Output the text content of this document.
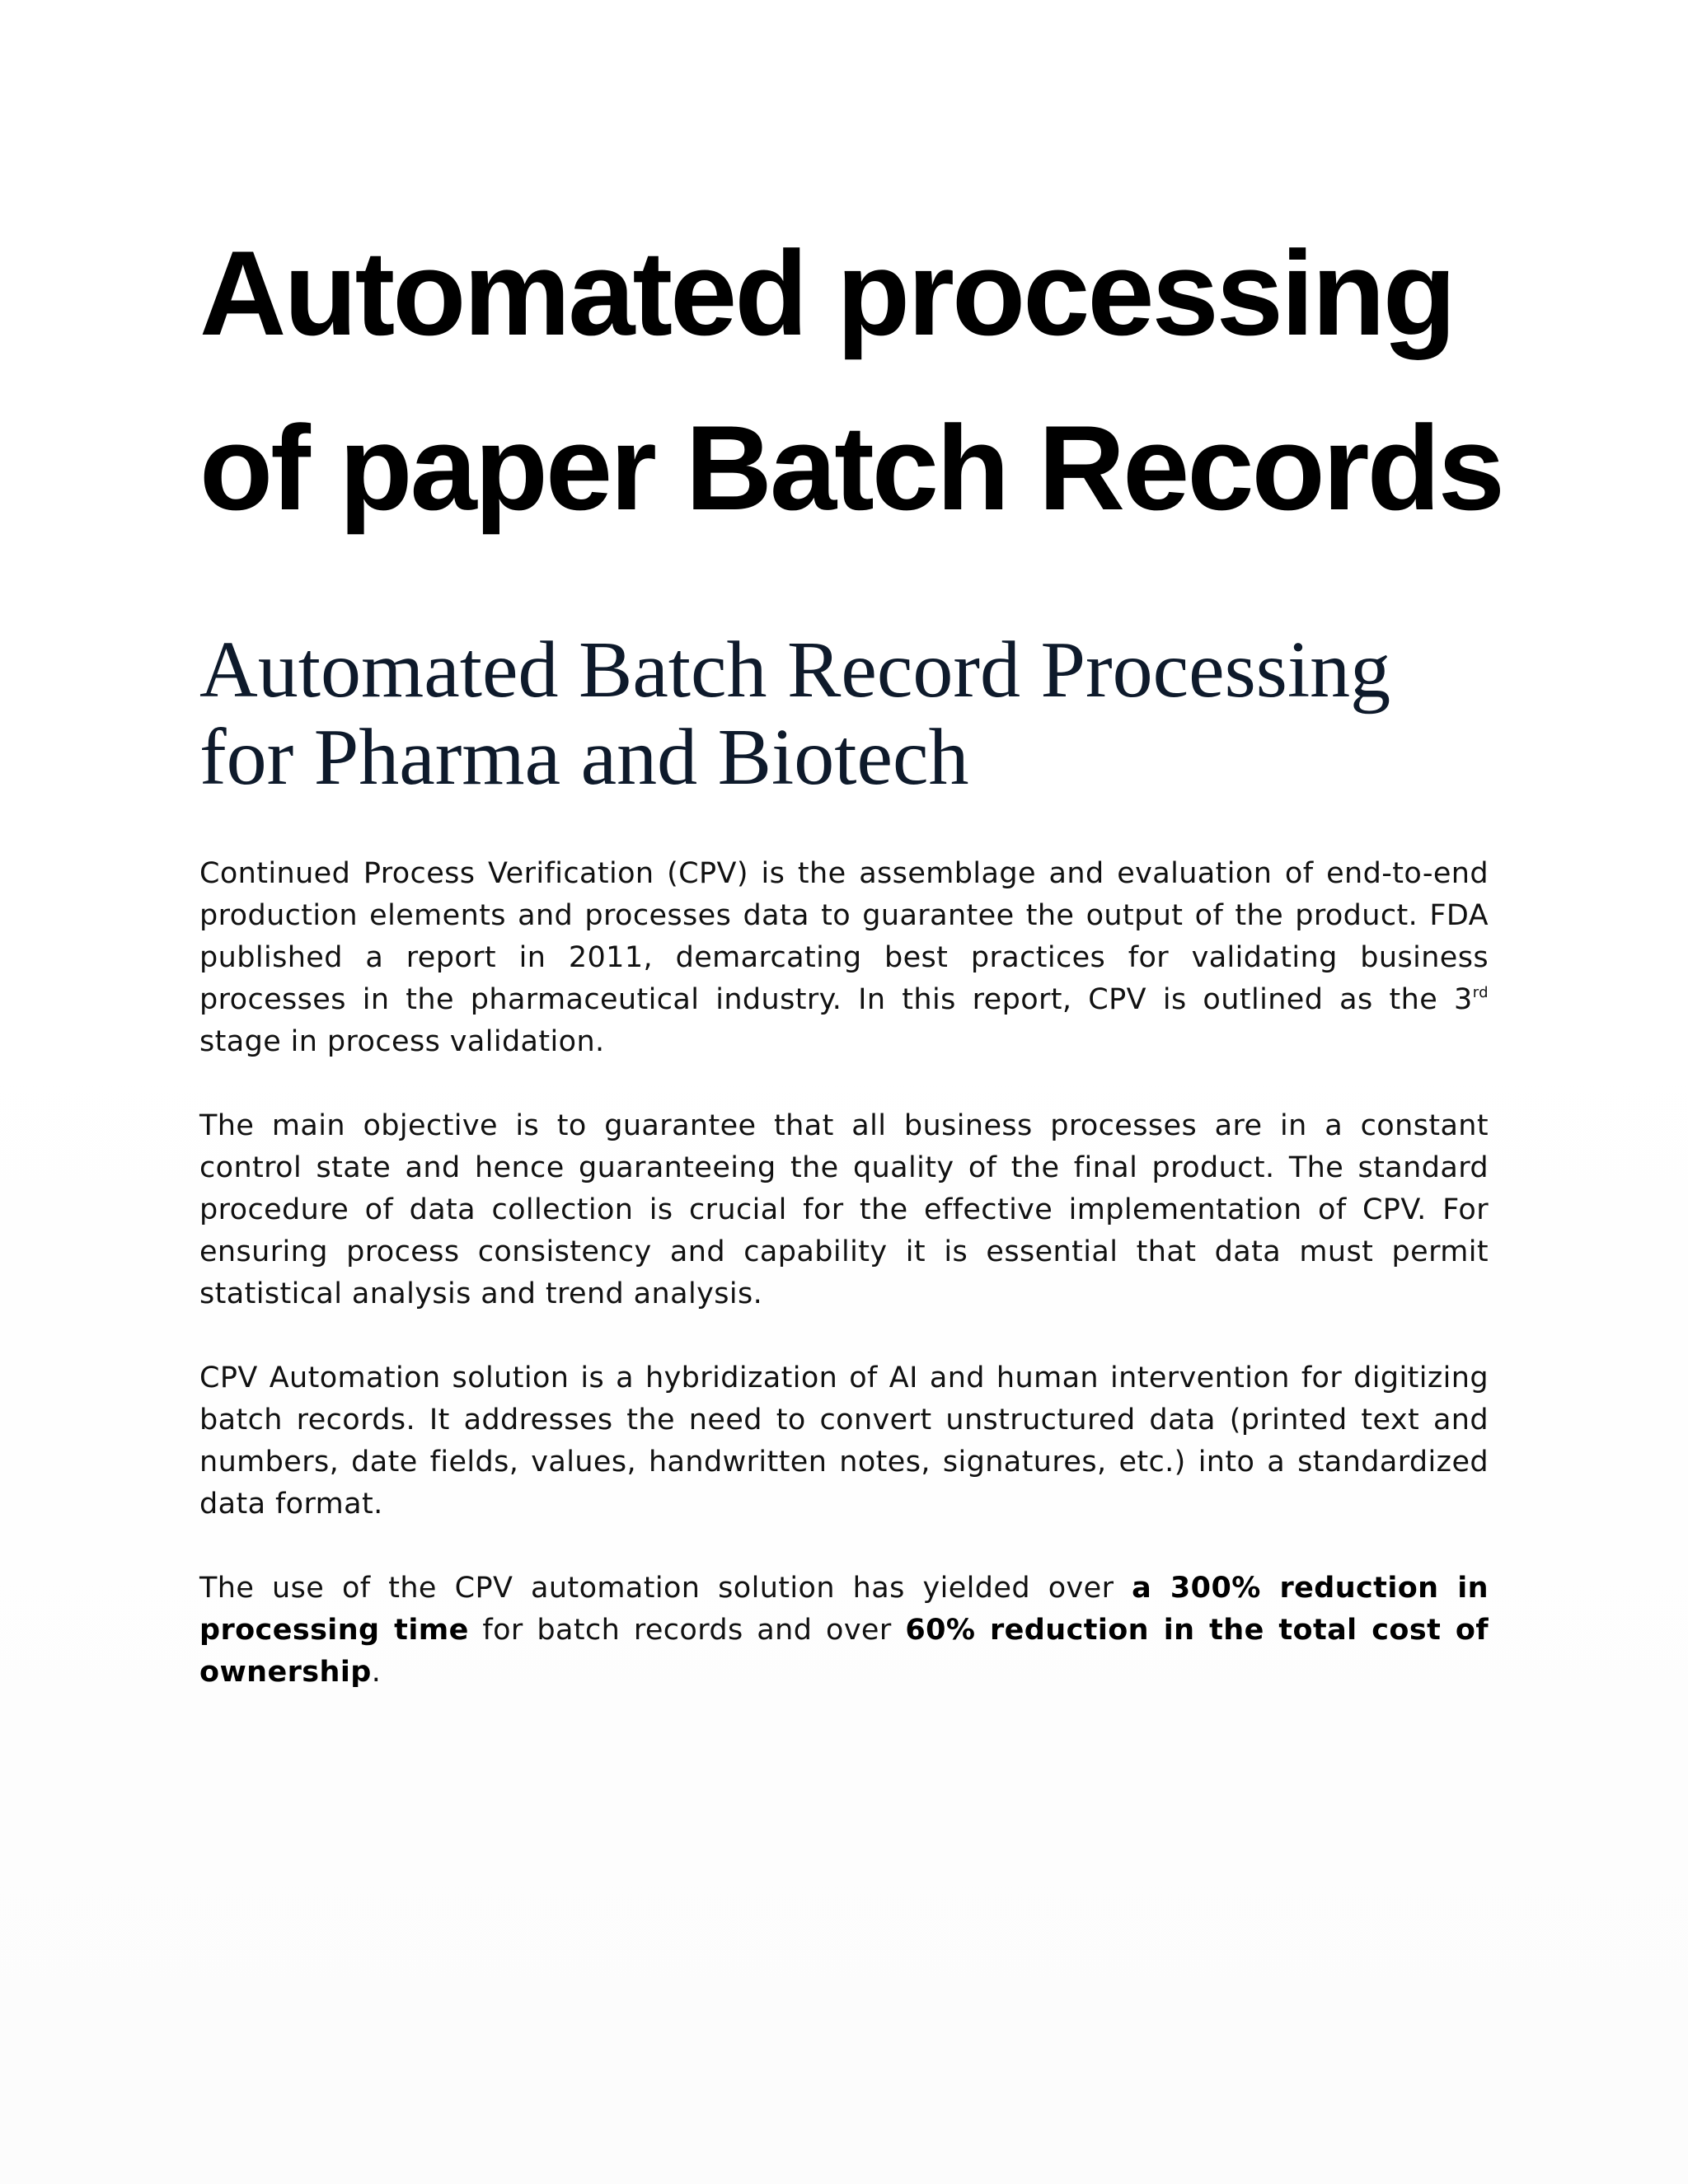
Automated processing
of paper Batch Records
Automated Batch Record Processing
for Pharma and Biotech

Continued Process Verification (CPV) is the assemblage and evaluation of end-to-end production elements and processes data to guarantee the output of the product. FDA published a report in 2011, demarcating best practices for validating business processes in the pharmaceutical industry. In this report, CPV is outlined as the 3rd stage in process validation.

The main objective is to guarantee that all business processes are in a constant control state and hence guaranteeing the quality of the final product. The standard procedure of data collection is crucial for the effective implementation of CPV. For ensuring process consistency and capability it is essential that data must permit statistical analysis and trend analysis.

CPV Automation solution is a hybridization of AI and human intervention for digitizing batch records. It addresses the need to convert unstructured data (printed text and numbers, date fields, values, handwritten notes, signatures, etc.) into a standardized data format.

The use of the CPV automation solution has yielded over a 300% reduction in processing time for batch records and over 60% reduction in the total cost of ownership.
